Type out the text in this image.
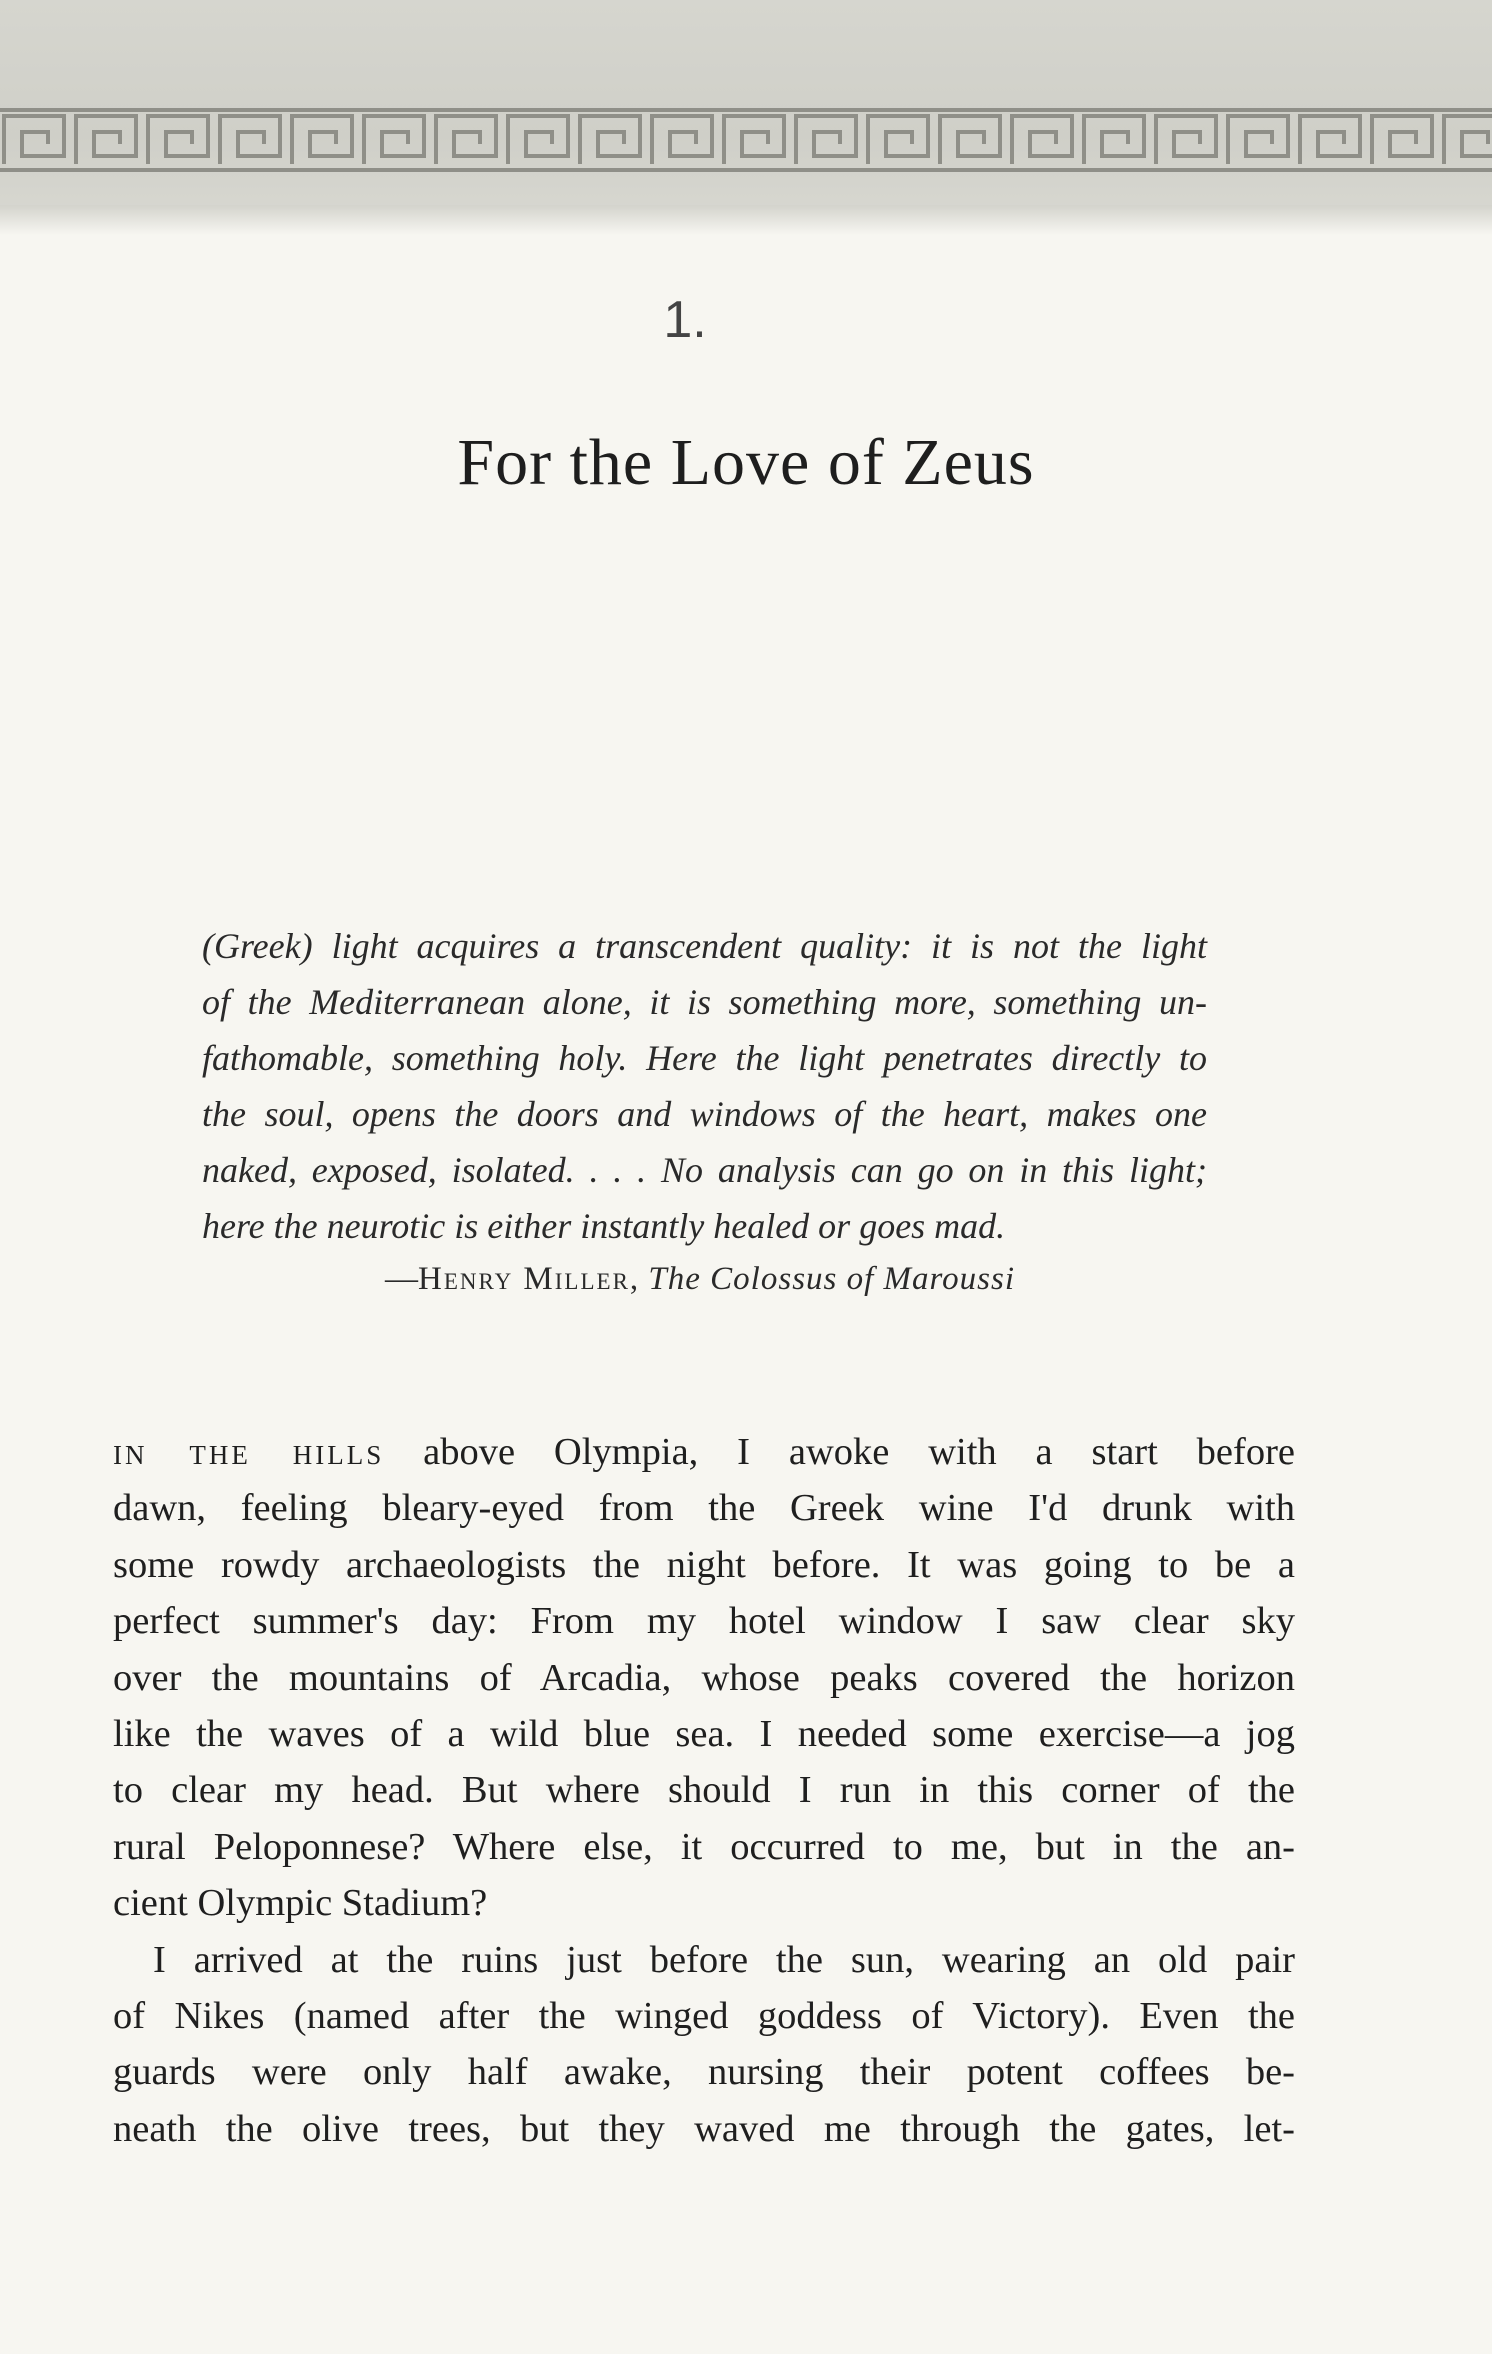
1.
For the Love of Zeus
(Greek) light acquires a transcendent quality: it is not the light
of the Mediterranean alone, it is something more, something un-
fathomable, something holy. Here the light penetrates directly to
the soul, opens the doors and windows of the heart, makes one
naked, exposed, isolated. . . . No analysis can go on in this light;
here the neurotic is either instantly healed or goes mad.

—Henry Miller, The Colossus of Maroussi

in the hills above Olympia, I awoke with a start before
dawn, feeling bleary-eyed from the Greek wine I'd drunk with
some rowdy archaeologists the night before. It was going to be a
perfect summer's day: From my hotel window I saw clear sky
over the mountains of Arcadia, whose peaks covered the horizon
like the waves of a wild blue sea. I needed some exercise—a jog
to clear my head. But where should I run in this corner of the
rural Peloponnese? Where else, it occurred to me, but in the an-
cient Olympic Stadium?
I arrived at the ruins just before the sun, wearing an old pair
of Nikes (named after the winged goddess of Victory). Even the
guards were only half awake, nursing their potent coffees be-
neath the olive trees, but they waved me through the gates, let-
